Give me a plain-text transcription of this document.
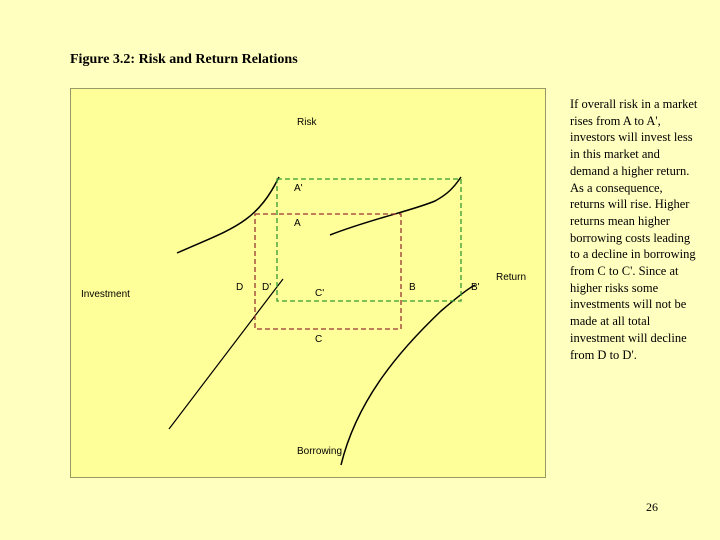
Figure 3.2: Risk and Return Relations
Risk
Return
Investment
Borrowing
A'
A
D D'
C'
B	B'
C

If overall risk in a market rises from A to A', investors will invest less in this market and demand a higher return. As a consequence, returns will rise. Higher returns mean higher borrowing costs leading to a decline in borrowing from C to C'. Since at higher risks some investments will not be made at all total investment will decline from D to D'.

26
